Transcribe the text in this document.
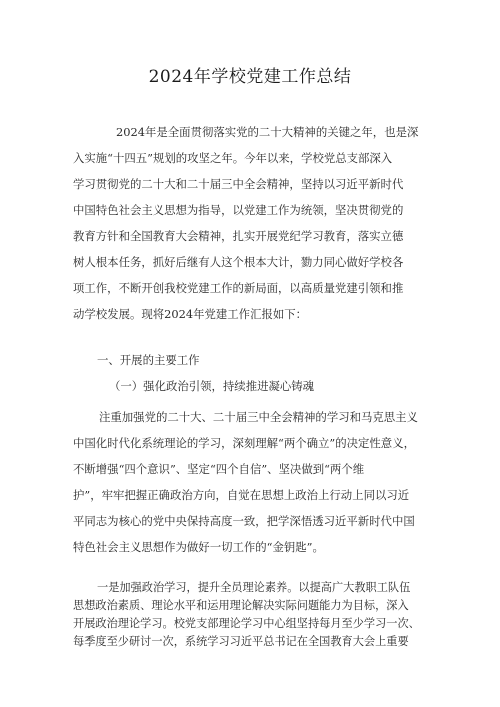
2024年学校党建工作总结
2024年是全面贯彻落实党的二十大精神的关键之年，也是深
入实施“十四五”规划的攻坚之年。今年以来，学校党总支部深入
学习贯彻党的二十大和二十届三中全会精神，坚持以习近平新时代
中国特色社会主义思想为指导，以党建工作为统领，坚决贯彻党的
教育方针和全国教育大会精神，扎实开展党纪学习教育，落实立德
树人根本任务，抓好后继有人这个根本大计，勠力同心做好学校各
项工作，不断开创我校党建工作的新局面，以高质量党建引领和推
动学校发展。现将2024年党建工作汇报如下：
一、开展的主要工作
（一）强化政治引领，持续推进凝心铸魂
注重加强党的二十大、二十届三中全会精神的学习和马克思主义
中国化时代化系统理论的学习，深刻理解“两个确立”的决定性意义，
不断增强“四个意识”、坚定“四个自信”、坚决做到“两个维
护”，牢牢把握正确政治方向，自觉在思想上政治上行动上同以习近
平同志为核心的党中央保持高度一致，把学深悟透习近平新时代中国
特色社会主义思想作为做好一切工作的“金钥匙”。
一是加强政治学习，提升全员理论素养。以提高广大教职工队伍
思想政治素质、理论水平和运用理论解决实际问题能力为目标，深入
开展政治理论学习。校党支部理论学习中心组坚持每月至少学习一次、
每季度至少研讨一次，系统学习习近平总书记在全国教育大会上重要
